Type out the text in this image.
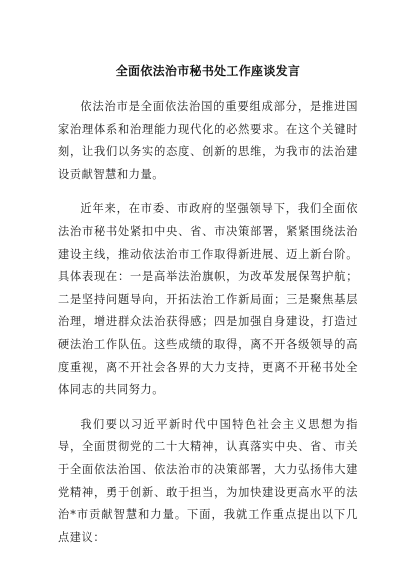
全面依法治市秘书处工作座谈发言

依法治市是全面依法治国的重要组成部分，是推进国家治理体系和治理能力现代化的必然要求。在这个关键时刻，让我们以务实的态度、创新的思维，为我市的法治建设贡献智慧和力量。

近年来，在市委、市政府的坚强领导下，我们全面依法治市秘书处紧扣中央、省、市决策部署，紧紧围绕法治建设主线，推动依法治市工作取得新进展、迈上新台阶。具体表现在：一是高举法治旗帜，为改革发展保驾护航；二是坚持问题导向，开拓法治工作新局面；三是聚焦基层治理，增进群众法治获得感；四是加强自身建设，打造过硬法治工作队伍。这些成绩的取得，离不开各级领导的高度重视，离不开社会各界的大力支持，更离不开秘书处全体同志的共同努力。

我们要以习近平新时代中国特色社会主义思想为指导，全面贯彻党的二十大精神，认真落实中央、省、市关于全面依法治国、依法治市的决策部署，大力弘扬伟大建党精神，勇于创新、敢于担当，为加快建设更高水平的法治*市贡献智慧和力量。下面，我就工作重点提出以下几点建议：
